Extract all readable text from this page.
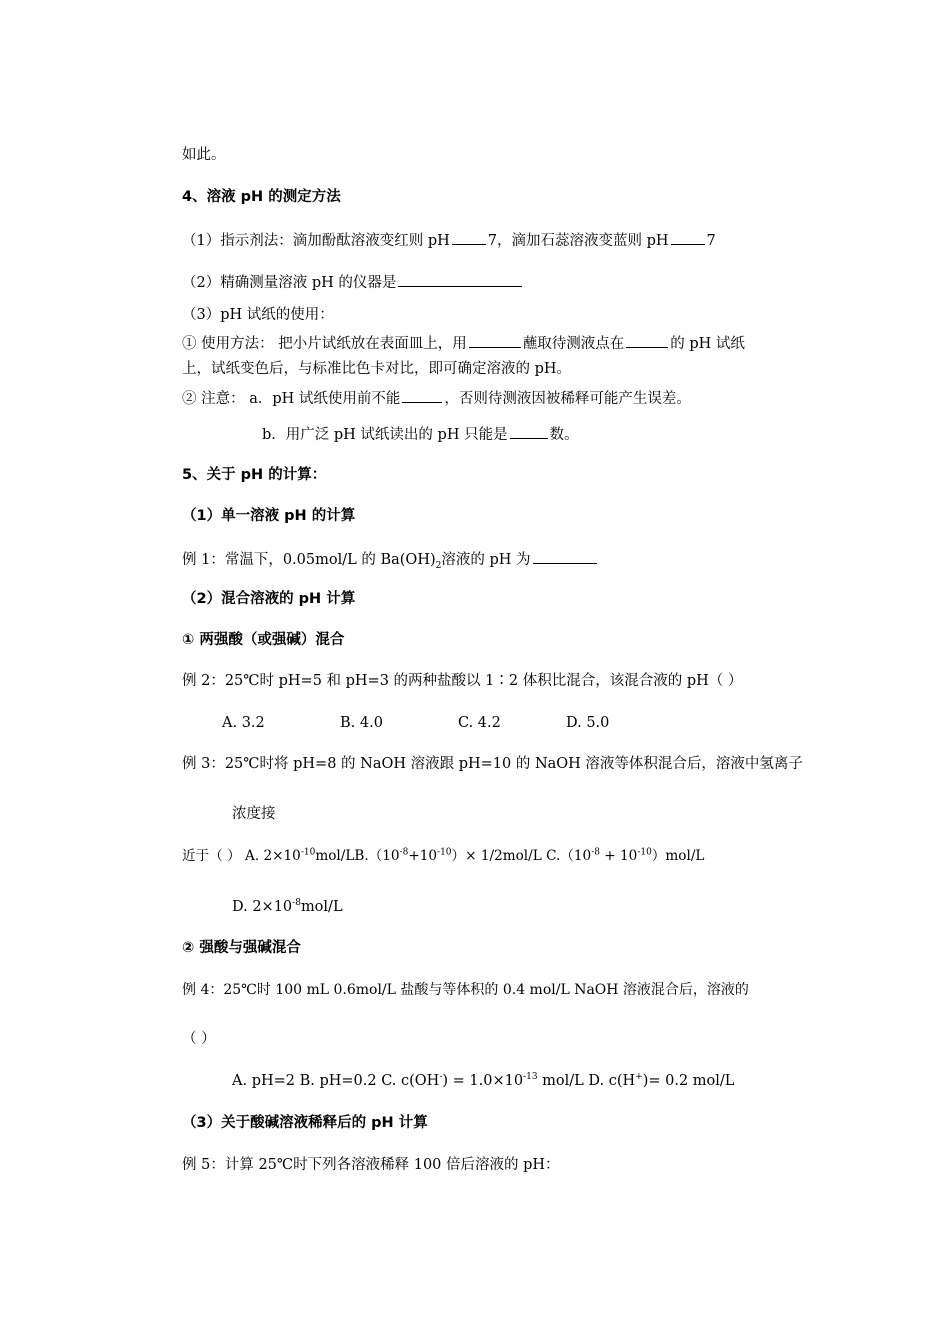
如此。
4、溶液 pH 的测定方法
（1）指示剂法：滴加酚酞溶液变红则 pH	7，滴加石蕊溶液变蓝则 pH	7
（2）精确测量溶液 pH 的仪器是
（3）pH 试纸的使用：
① 使用方法： 把小片试纸放在表面皿上，用	蘸取待测液点在	的 pH 试纸
上，试纸变色后，与标准比色卡对比，即可确定溶液的 pH。
② 注意： a．pH 试纸使用前不能	，否则待测液因被稀释可能产生误差。
b．用广泛 pH 试纸读出的 pH 只能是	数。
5、关于 pH 的计算：
（1）单一溶液 pH 的计算
例 1：常温下，0.05mol/L 的 $Ba(OH)_2$溶液的 pH 为
（2）混合溶液的 pH 计算
① 两强酸（或强碱）混合
例 2：25℃时 pH=5 和 pH=3 的两种盐酸以 1∶2 体积比混合，该混合液的 pH（ ）
A. 3.2	B. 4.0	C. 4.2	D. 5.0
例 3：25℃时将 pH=8 的 NaOH 溶液跟 pH=10 的 NaOH 溶液等体积混合后，溶液中氢离子
浓度接
近于（ ） A. $2\times 10^{-10}mol/LB.(10^{-8}+10^{-10})\times 1/2mol/L$ $C.(10^{-8} + 10^{-10})mol/L$
D. $2\times 10^{-8}mol/L$
② 强酸与强碱混合
例 4：25℃时 100 mL 0.6mol/L 盐酸与等体积的 0.4 mol/L NaOH 溶液混合后，溶液的
（ ）
A. pH=2 B. pH=0.2 C. $c(OH^-) = 1.0\times 10^{-13}$ mol/L D. c(H+)= 0.2 mol/L
（3）关于酸碱溶液稀释后的 pH 计算
例 5：计算 25℃时下列各溶液稀释 100 倍后溶液的 pH：
